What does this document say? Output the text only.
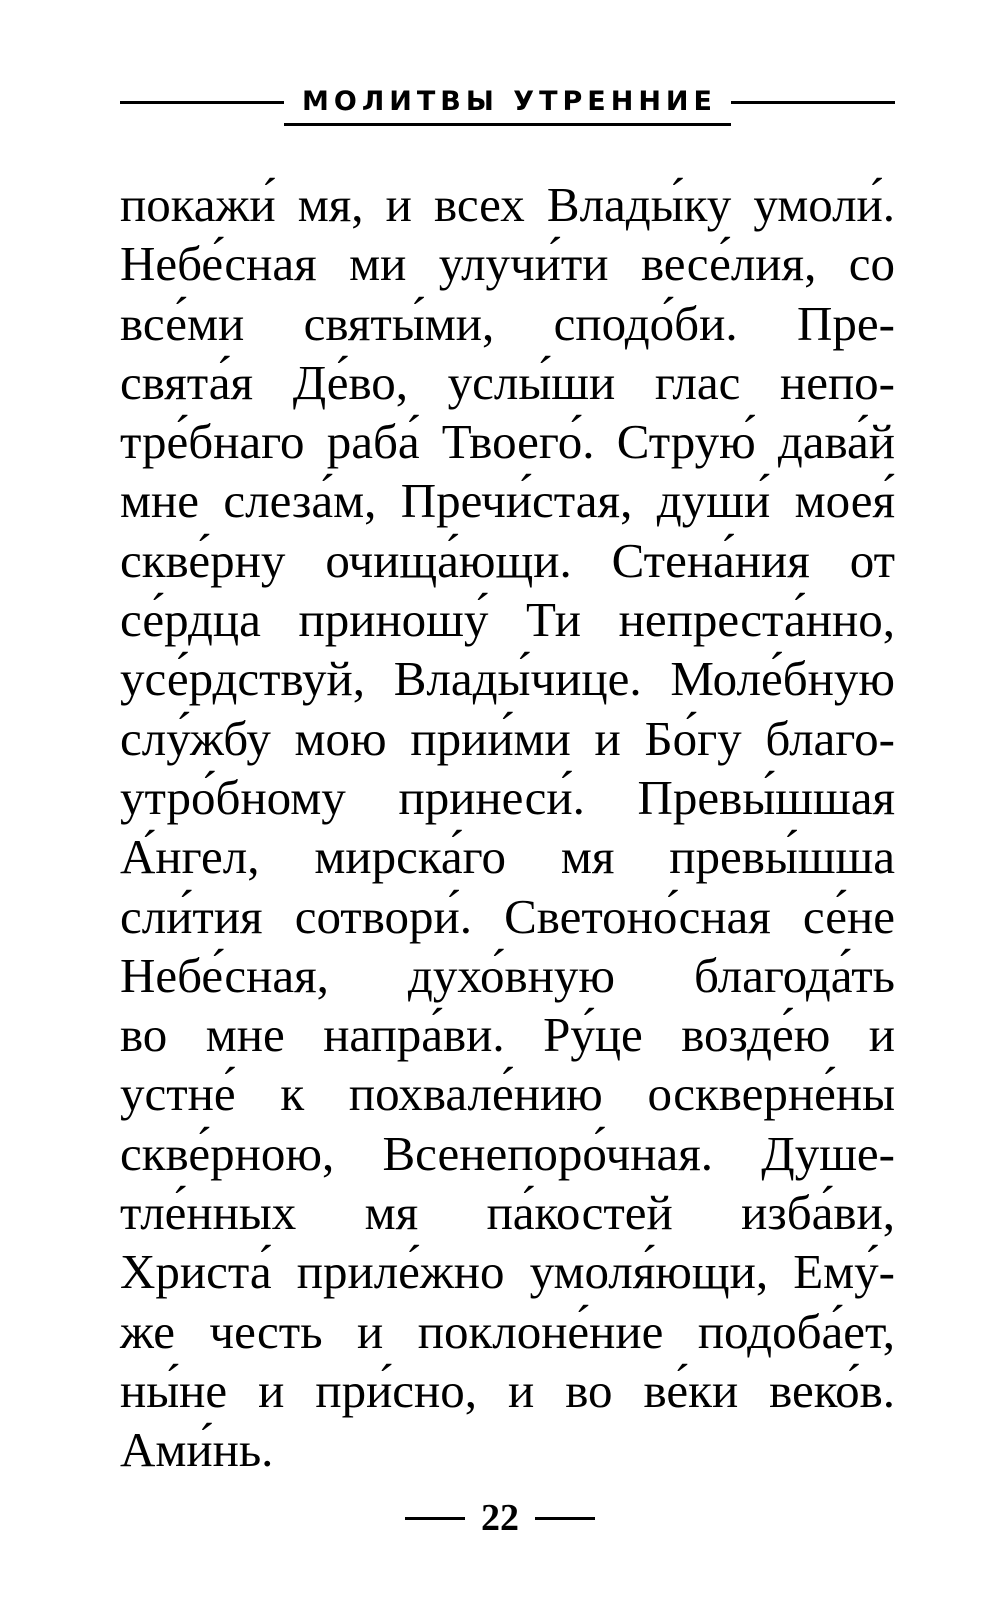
МОЛИТВЫ УТРЕННИЕ
покажи́ мя, и всех Влады́ку умоли́.
Небе́сная ми улучи́ти весе́лия, со
все́ми святы́ми, сподо́би. Пре-
свята́я Де́во, услы́ши глас непо-
тре́бнаго раба́ Твоего́. Струю́ дава́й
мне слеза́м, Пречи́стая, души́ моея́
скве́рну очища́ющи. Стена́ния от
се́рдца приношу́ Ти непреста́нно,
усе́рдствуй, Влады́чице. Моле́бную
слу́жбу мою прии́ми и Бо́гу благо-
утро́бному принеси́. Превы́шшая
А́нгел, мирска́го мя превы́шша
сли́тия сотвори́. Светоно́сная се́не
Небе́сная, духо́вную благода́ть
во мне напра́ви. Ру́це возде́ю и
устне́ к похвале́нию оскверне́ны
скве́рною, Всенепоро́чная. Душе-
тле́нных мя па́костей изба́ви,
Христа́ приле́жно умоля́ющи, Ему́-
же честь и поклоне́ние подоба́ет,
ны́не и при́сно, и во ве́ки веко́в.
Ами́нь.
22
